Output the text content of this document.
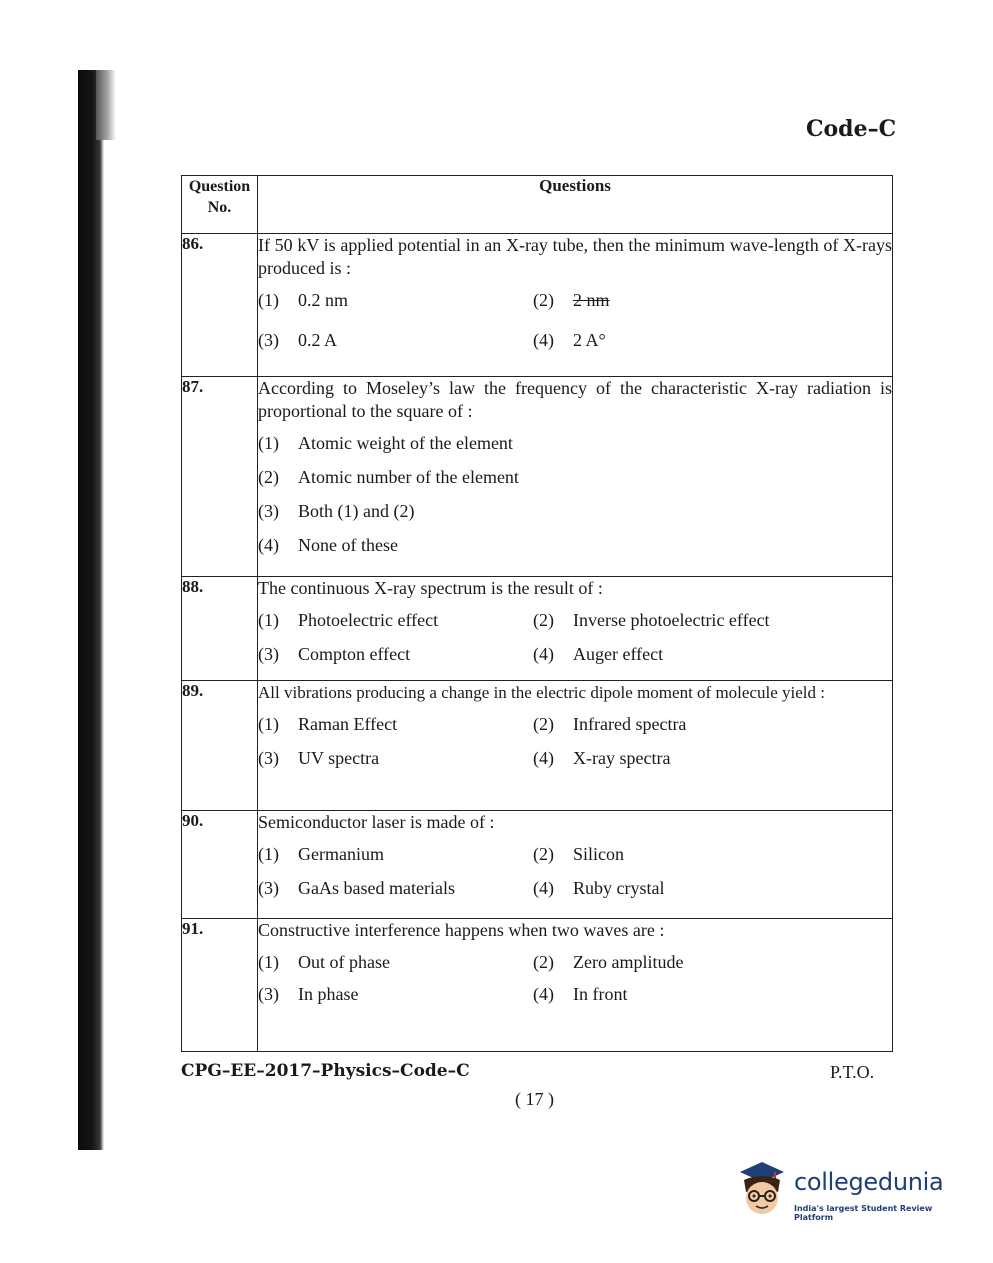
Code–C
Question No.	Questions
86.	If 50 kV is applied potential in an X-ray tube, then the minimum wave-length of X-rays produced is :
(1) 0.2 nm (2) 2 nm
(3) 0.2 A (4) 2 A°

87.	According to Moseley’s law the frequency of the characteristic X-ray radiation is proportional to the square of :
(1) Atomic weight of the element
(2) Atomic number of the element
(3) Both (1) and (2)
(4) None of these

88.	The continuous X-ray spectrum is the result of :
(1) Photoelectric effect (2) Inverse photoelectric effect
(3) Compton effect (4) Auger effect

89.	All vibrations producing a change in the electric dipole moment of molecule yield :
(1) Raman Effect (2) Infrared spectra
(3) UV spectra (4) X-ray spectra

90.	Semiconductor laser is made of :
(1) Germanium (2) Silicon
(3) GaAs based materials (4) Ruby crystal

91.	Constructive interference happens when two waves are :
(1) Out of phase (2) Zero amplitude
(3) In phase (4) In front
CPG–EE–2017–Physics–Code–C	P.T.O.
( 17 )
collegedunia
India's largest Student Review Platform
